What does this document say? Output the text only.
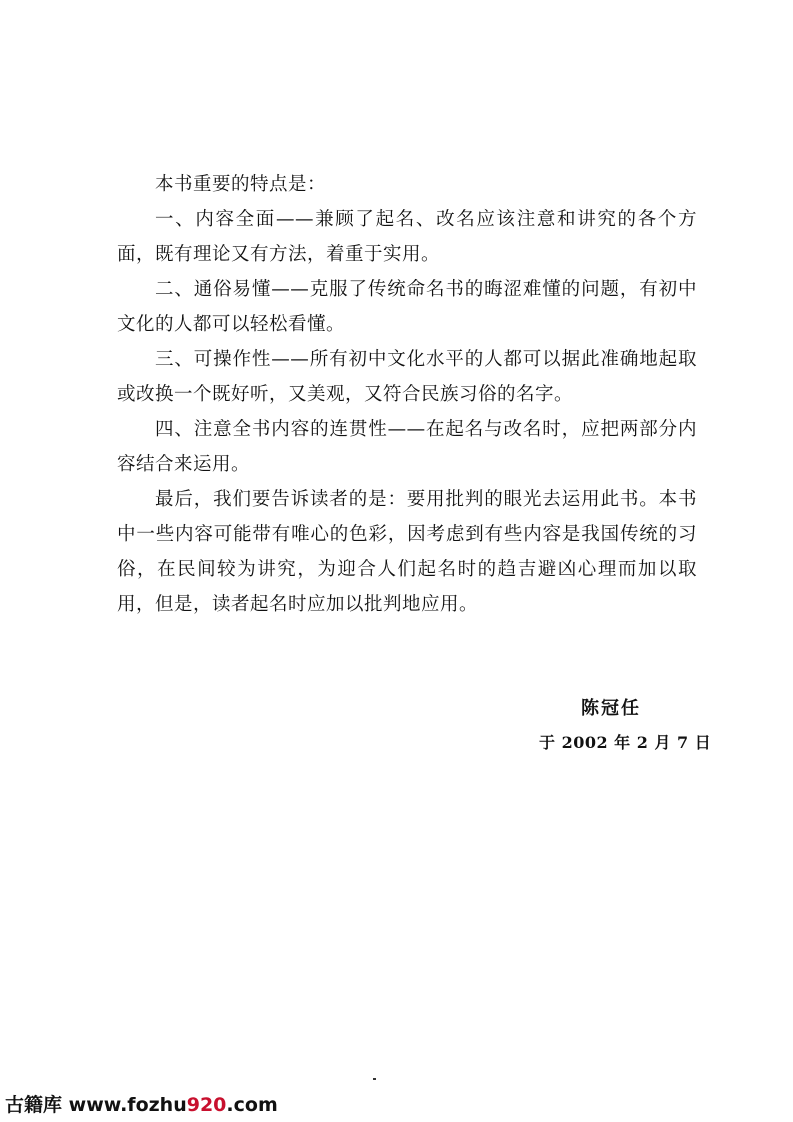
本书重要的特点是：

一、内容全面——兼顾了起名、改名应该注意和讲究的各个方面，既有理论又有方法，着重于实用。

二、通俗易懂——克服了传统命名书的晦涩难懂的问题，有初中文化的人都可以轻松看懂。

三、可操作性——所有初中文化水平的人都可以据此准确地起取或改换一个既好听，又美观，又符合民族习俗的名字。

四、注意全书内容的连贯性——在起名与改名时，应把两部分内容结合来运用。

最后，我们要告诉读者的是：要用批判的眼光去运用此书。本书中一些内容可能带有唯心的色彩，因考虑到有些内容是我国传统的习俗，在民间较为讲究，为迎合人们起名时的趋吉避凶心理而加以取用，但是，读者起名时应加以批判地应用。

陈冠任
于 2002 年 2 月 7 日
古籍库 www.fozhu920.com
